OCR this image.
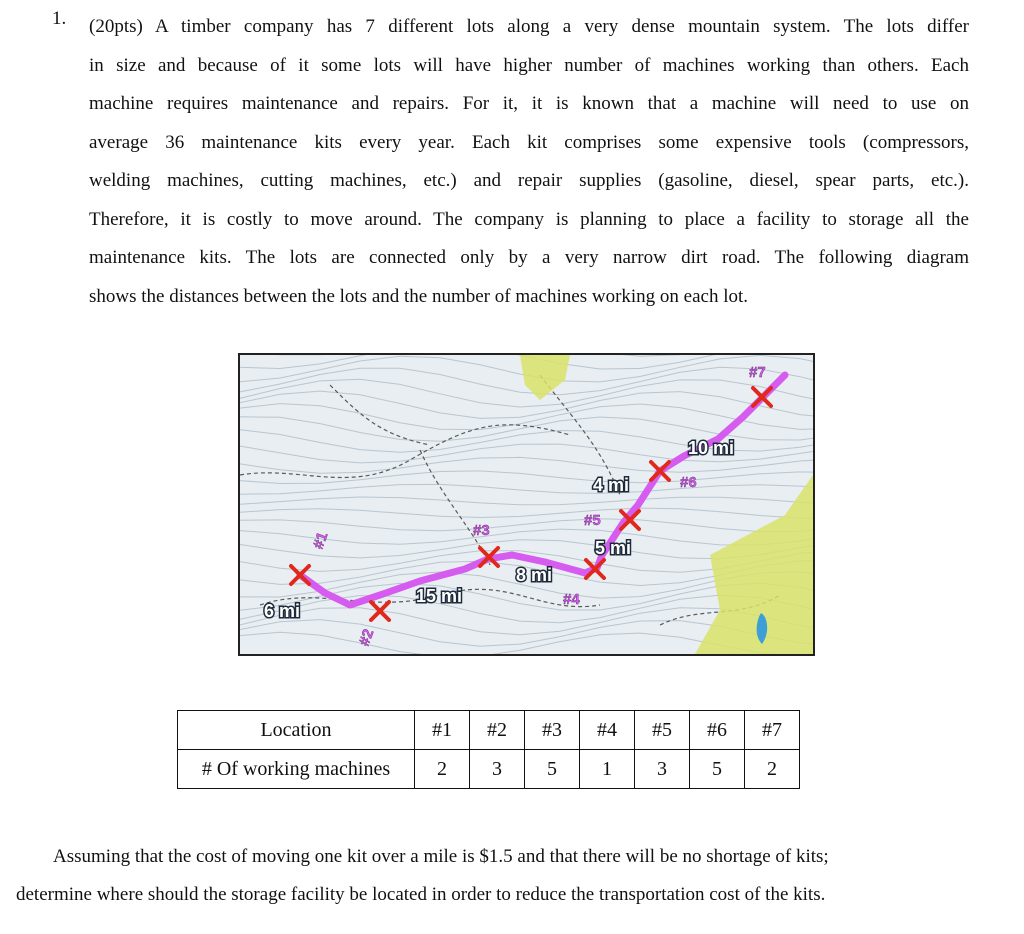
1. (20pts) A timber company has 7 different lots along a very dense mountain system. The lots differ
in size and because of it some lots will have higher number of machines working than others. Each
machine requires maintenance and repairs. For it, it is known that a machine will need to use on
average 36 maintenance kits every year. Each kit comprises some expensive tools (compressors,
welding machines, cutting machines, etc.) and repair supplies (gasoline, diesel, spear parts, etc.).
Therefore, it is costly to move around. The company is planning to place a facility to storage all the
maintenance kits. The lots are connected only by a very narrow dirt road. The following diagram
shows the distances between the lots and the number of machines working on each lot.
#1
#2
#3
#4
#5
#6
#7
6 mi
15 mi
8 mi
5 mi
4 mi
10 mi
Location	#1	#2	#3	#4	#5	#6	#7
# Of working machines	2	3	5	1	3	5	2
Assuming that the cost of moving one kit over a mile is $1.5 and that there will be no shortage of kits;
determine where should the storage facility be located in order to reduce the transportation cost of the kits.
